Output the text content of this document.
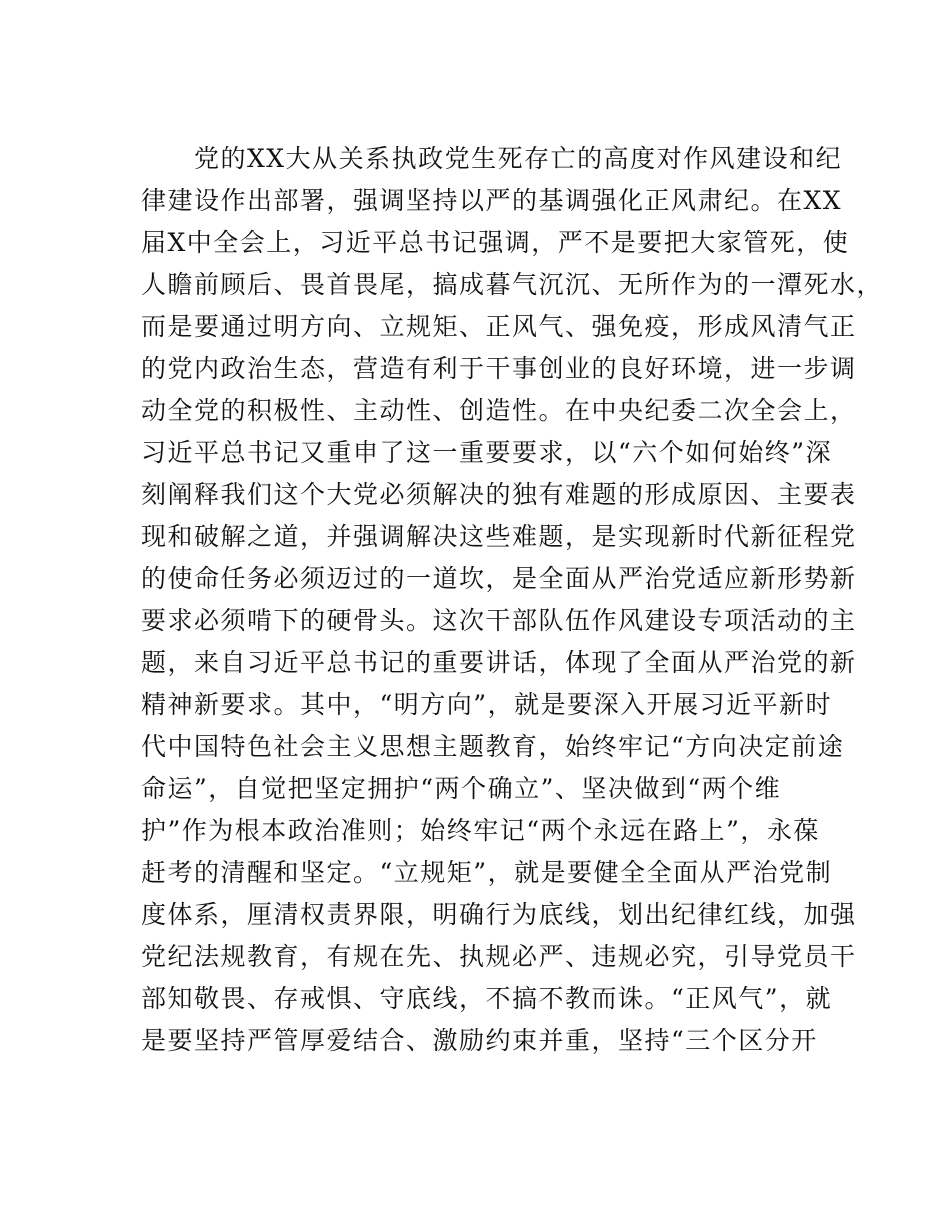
　　党的XX大从关系执政党生死存亡的高度对作风建设和纪
律建设作出部署，强调坚持以严的基调强化正风肃纪。在XX
届X中全会上，习近平总书记强调，严不是要把大家管死，使
人瞻前顾后、畏首畏尾，搞成暮气沉沉、无所作为的一潭死水，
而是要通过明方向、立规矩、正风气、强免疫，形成风清气正
的党内政治生态，营造有利于干事创业的良好环境，进一步调
动全党的积极性、主动性、创造性。在中央纪委二次全会上，
习近平总书记又重申了这一重要要求，以“六个如何始终”深
刻阐释我们这个大党必须解决的独有难题的形成原因、主要表
现和破解之道，并强调解决这些难题，是实现新时代新征程党
的使命任务必须迈过的一道坎，是全面从严治党适应新形势新
要求必须啃下的硬骨头。这次干部队伍作风建设专项活动的主
题，来自习近平总书记的重要讲话，体现了全面从严治党的新
精神新要求。其中，“明方向”，就是要深入开展习近平新时
代中国特色社会主义思想主题教育，始终牢记“方向决定前途
命运”，自觉把坚定拥护“两个确立”、坚决做到“两个维
护”作为根本政治准则；始终牢记“两个永远在路上”，永葆
赶考的清醒和坚定。“立规矩”，就是要健全全面从严治党制
度体系，厘清权责界限，明确行为底线，划出纪律红线，加强
党纪法规教育，有规在先、执规必严、违规必究，引导党员干
部知敬畏、存戒惧、守底线，不搞不教而诛。“正风气”，就
是要坚持严管厚爱结合、激励约束并重，坚持“三个区分开
